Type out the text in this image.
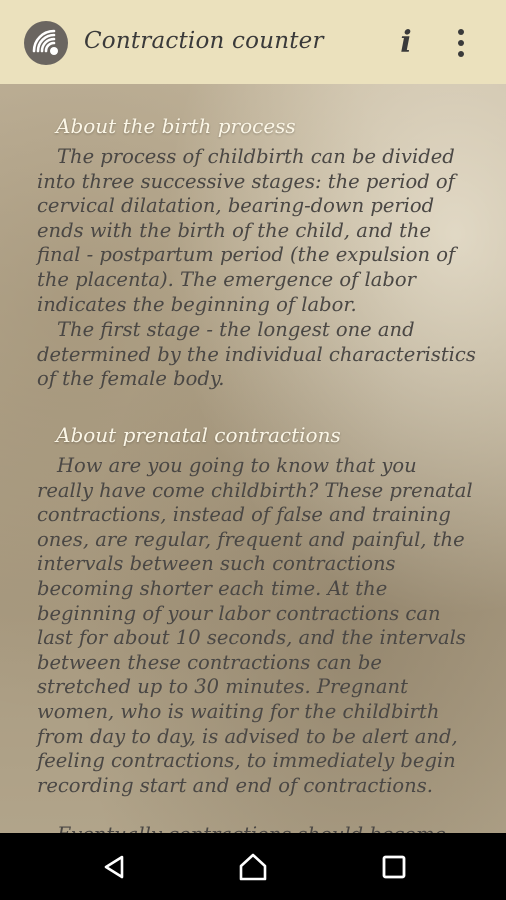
Contraction counter	i
About the birth process
The process of childbirth can be divided into three successive stages: the period of cervical dilatation, bearing-down period ends with the birth of the child, and the final - postpartum period (the expulsion of the placenta). The emergence of labor indicates the beginning of labor.
The first stage - the longest one and determined by the individual characteristics of the female body.
About prenatal contractions
How are you going to know that you really have come childbirth? These prenatal contractions, instead of false and training ones, are regular, frequent and painful, the intervals between such contractions becoming shorter each time. At the beginning of your labor contractions can last for about 10 seconds, and the intervals between these contractions can be stretched up to 30 minutes. Pregnant women, who is waiting for the childbirth from day to day, is advised to be alert and, feeling contractions, to immediately begin recording start and end of contractions.
